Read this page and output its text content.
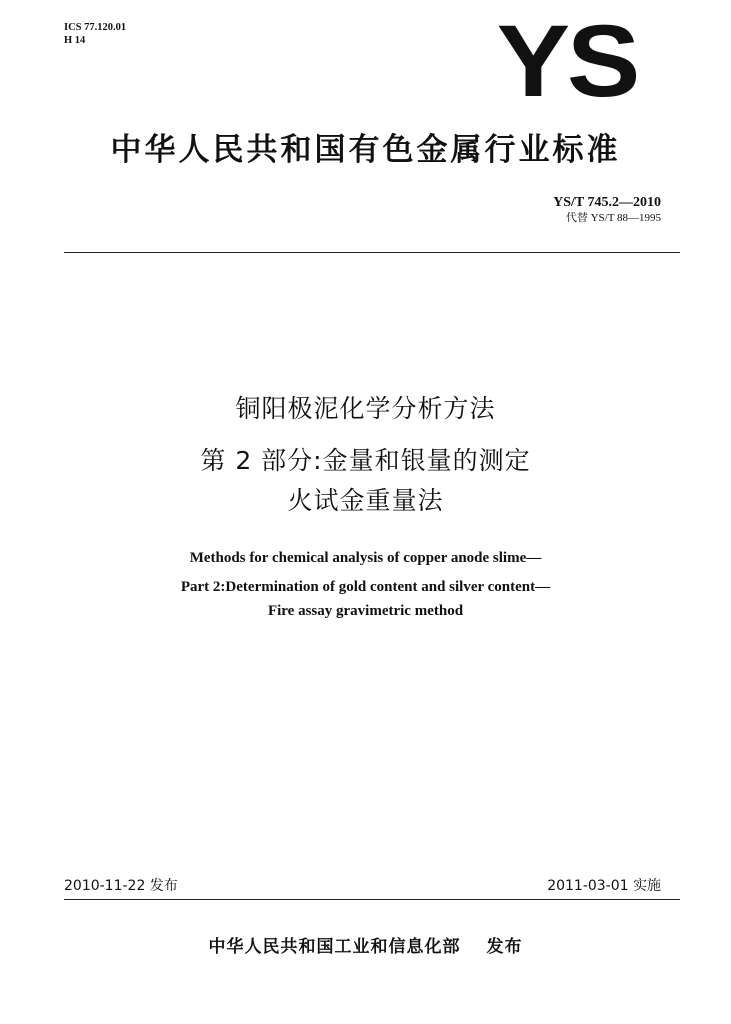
ICS 77.120.01
H 14	YS
中华人民共和国有色金属行业标准
YS/T 745.2—2010
代替 YS/T 88—1995
铜阳极泥化学分析方法
第 2 部分:金量和银量的测定
火试金重量法
Methods for chemical analysis of copper anode slime—
Part 2:Determination of gold content and silver content—
Fire assay gravimetric method
2010-11-22 发布	2011-03-01 实施
中华人民共和国工业和信息化部 发布
